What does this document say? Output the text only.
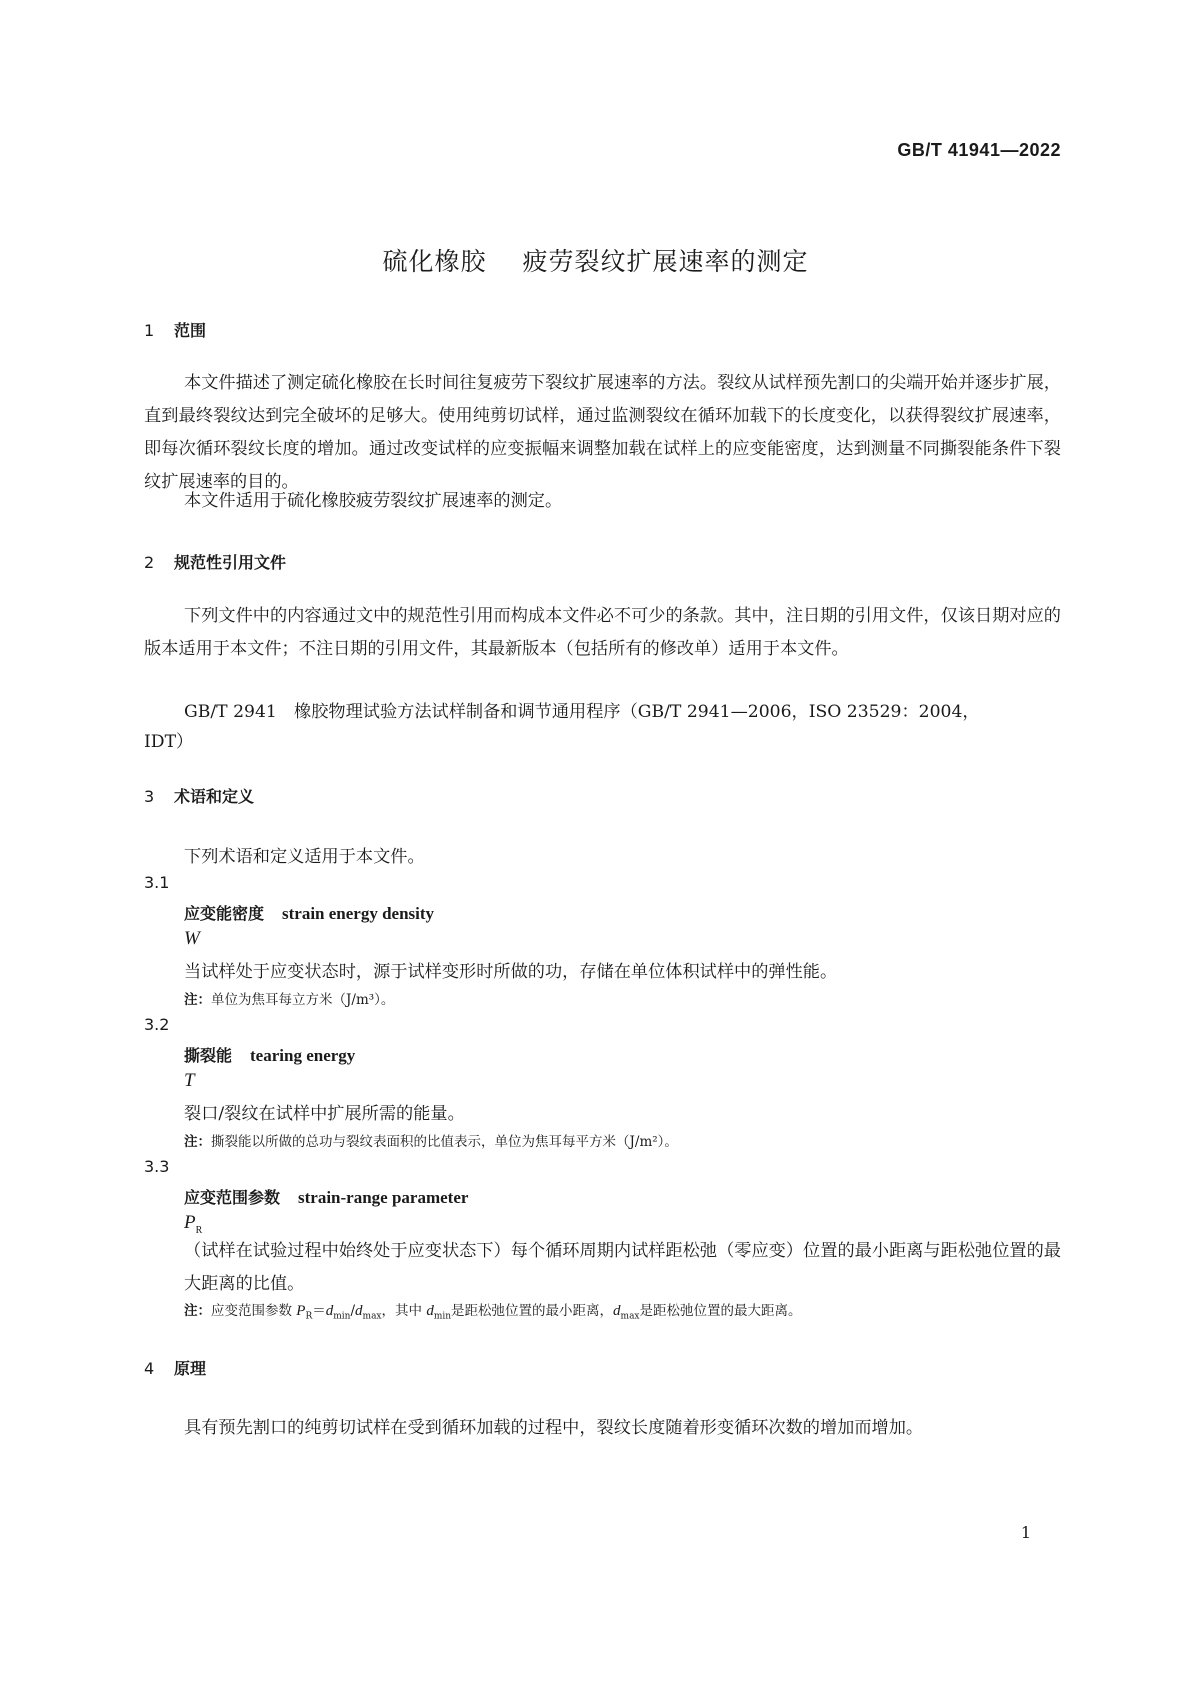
GB/T 41941—2022
硫化橡胶 疲劳裂纹扩展速率的测定
1 范围
本文件描述了测定硫化橡胶在长时间往复疲劳下裂纹扩展速率的方法。裂纹从试样预先割口的尖端开始并逐步扩展，直到最终裂纹达到完全破坏的足够大。使用纯剪切试样，通过监测裂纹在循环加载下的长度变化，以获得裂纹扩展速率，即每次循环裂纹长度的增加。通过改变试样的应变振幅来调整加载在试样上的应变能密度，达到测量不同撕裂能条件下裂纹扩展速率的目的。
本文件适用于硫化橡胶疲劳裂纹扩展速率的测定。
2 规范性引用文件
下列文件中的内容通过文中的规范性引用而构成本文件必不可少的条款。其中，注日期的引用文件，仅该日期对应的版本适用于本文件；不注日期的引用文件，其最新版本（包括所有的修改单）适用于本文件。
GB/T 2941　橡胶物理试验方法试样制备和调节通用程序（GB/T 2941—2006，ISO 23529：2004，
IDT）
3 术语和定义
下列术语和定义适用于本文件。
3.1
应变能密度 strain energy density
W
当试样处于应变状态时，源于试样变形时所做的功，存储在单位体积试样中的弹性能。
注：单位为焦耳每立方米（J/m³）。
3.2
撕裂能 tearing energy
T
裂口/裂纹在试样中扩展所需的能量。
注：撕裂能以所做的总功与裂纹表面积的比值表示，单位为焦耳每平方米（J/m²）。
3.3
应变范围参数 strain-range parameter
$P_R$
（试样在试验过程中始终处于应变状态下）每个循环周期内试样距松弛（零应变）位置的最小距离与距松弛位置的最大距离的比值。
注：应变范围参数 $P_R=d_{min}/d_{max}$，其中 $d_{min}$是距松弛位置的最小距离，$d_{max}$是距松弛位置的最大距离。
4 原理
具有预先割口的纯剪切试样在受到循环加载的过程中，裂纹长度随着形变循环次数的增加而增加。
1
